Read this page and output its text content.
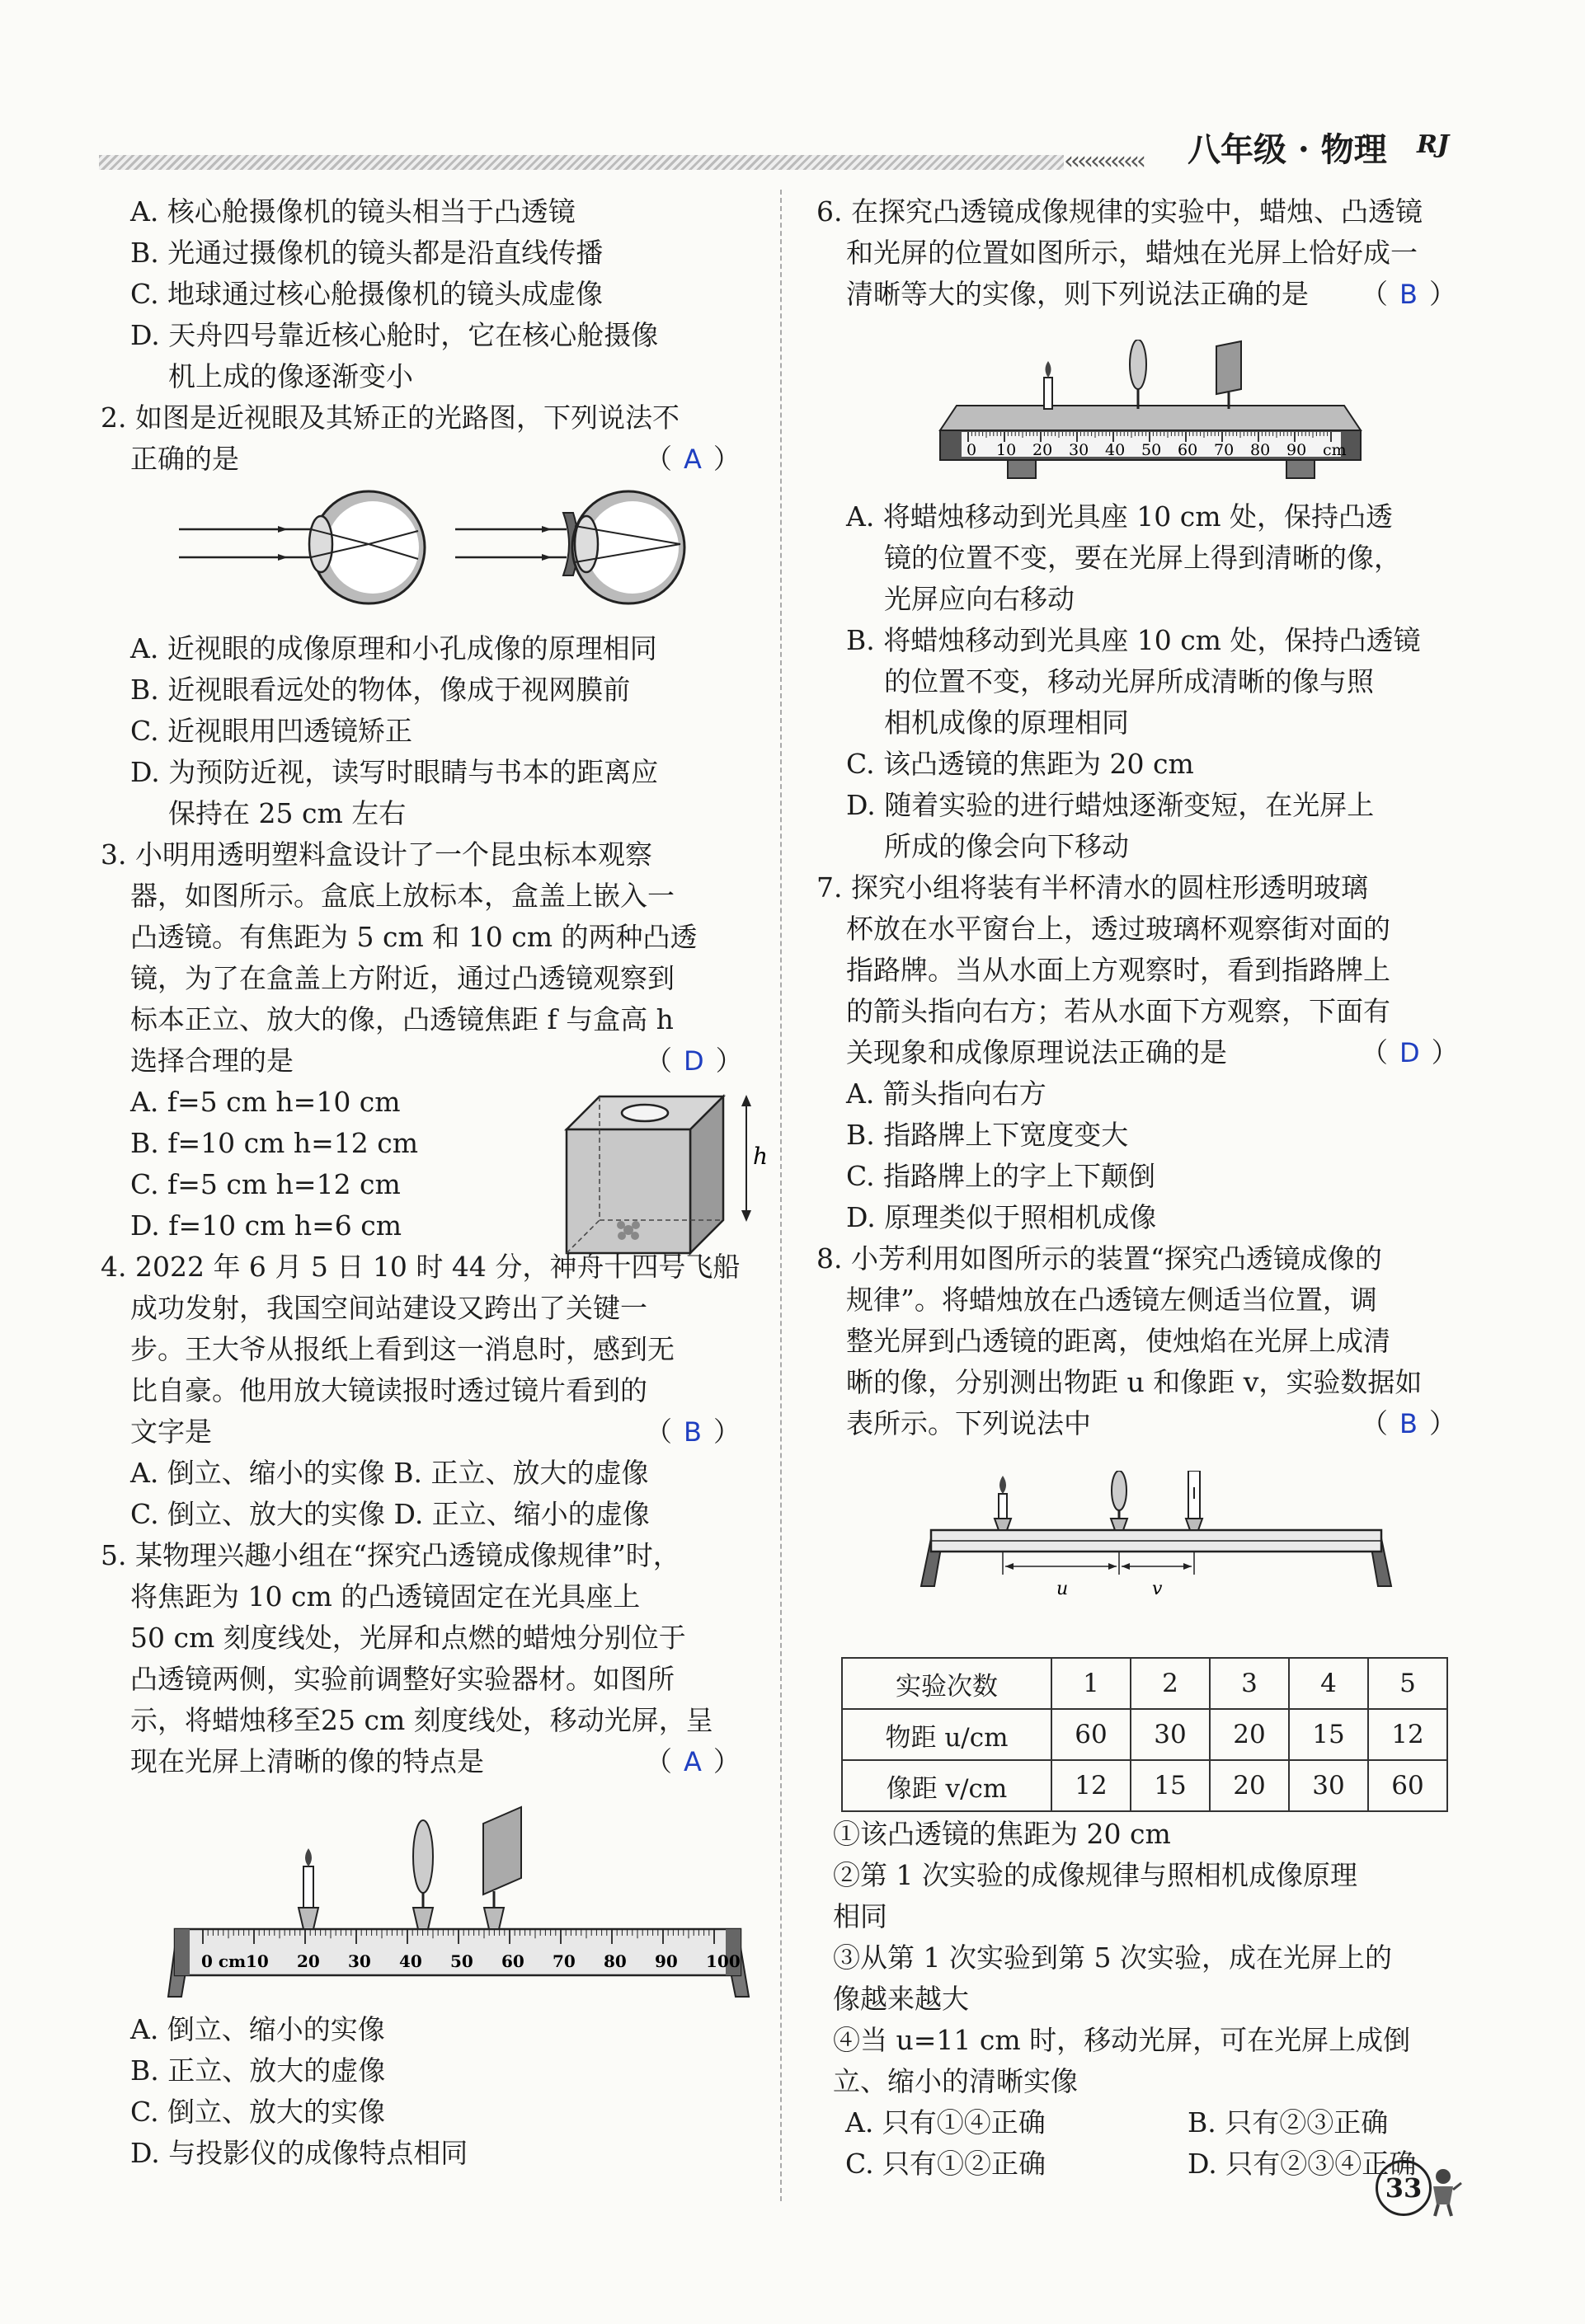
‹‹‹‹‹‹‹‹‹‹‹‹	八年级 · 物理 RJ
A. 核心舱摄像机的镜头相当于凸透镜
B. 光通过摄像机的镜头都是沿直线传播
C. 地球通过核心舱摄像机的镜头成虚像
D. 天舟四号靠近核心舱时，它在核心舱摄像
机上成的像逐渐变小
2. 如图是近视眼及其矫正的光路图，下列说法不
正确的是	（ A ）
A. 近视眼的成像原理和小孔成像的原理相同
B. 近视眼看远处的物体，像成于视网膜前
C. 近视眼用凹透镜矫正
D. 为预防近视，读写时眼睛与书本的距离应
保持在 25 cm 左右
3. 小明用透明塑料盒设计了一个昆虫标本观察
器，如图所示。盒底上放标本，盒盖上嵌入一
凸透镜。有焦距为 5 cm 和 10 cm 的两种凸透
镜，为了在盒盖上方附近，通过凸透镜观察到
标本正立、放大的像，凸透镜焦距 f 与盒高 h
选择合理的是	（ D ）
A. f=5 cm h=10 cm
B. f=10 cm h=12 cm
C. f=5 cm h=12 cm
D. f=10 cm h=6 cm
h
4. 2022 年 6 月 5 日 10 时 44 分，神舟十四号飞船
成功发射，我国空间站建设又跨出了关键一
步。王大爷从报纸上看到这一消息时，感到无
比自豪。他用放大镜读报时透过镜片看到的
文字是	（ B ）
A. 倒立、缩小的实像 B. 正立、放大的虚像
C. 倒立、放大的实像 D. 正立、缩小的虚像
5. 某物理兴趣小组在“探究凸透镜成像规律”时，
将焦距为 10 cm 的凸透镜固定在光具座上
50 cm 刻度线处，光屏和点燃的蜡烛分别位于
凸透镜两侧，实验前调整好实验器材。如图所
示，将蜡烛移至25 cm 刻度线处，移动光屏，呈
现在光屏上清晰的像的特点是	（ A ）
0 cm 10 20 30 40 50 60 70 80 90 100
A. 倒立、缩小的实像
B. 正立、放大的虚像
C. 倒立、放大的实像
D. 与投影仪的成像特点相同
6. 在探究凸透镜成像规律的实验中，蜡烛、凸透镜
和光屏的位置如图所示，蜡烛在光屏上恰好成一
清晰等大的实像，则下列说法正确的是 （ B ）
0 10 20 30 40 50 60 70 80 90 cm
A. 将蜡烛移动到光具座 10 cm 处，保持凸透
镜的位置不变，要在光屏上得到清晰的像，
光屏应向右移动
B. 将蜡烛移动到光具座 10 cm 处，保持凸透镜
的位置不变，移动光屏所成清晰的像与照
相机成像的原理相同
C. 该凸透镜的焦距为 20 cm
D. 随着实验的进行蜡烛逐渐变短，在光屏上
所成的像会向下移动
7. 探究小组将装有半杯清水的圆柱形透明玻璃
杯放在水平窗台上，透过玻璃杯观察街对面的
指路牌。当从水面上方观察时，看到指路牌上
的箭头指向右方；若从水面下方观察，下面有
关现象和成像原理说法正确的是	（ D ）
A. 箭头指向右方
B. 指路牌上下宽度变大
C. 指路牌上的字上下颠倒
D. 原理类似于照相机成像
8. 小芳利用如图所示的装置“探究凸透镜成像的
规律”。将蜡烛放在凸透镜左侧适当位置，调
整光屏到凸透镜的距离，使烛焰在光屏上成清
晰的像，分别测出物距 u 和像距 v，实验数据如
表所示。下列说法中	（ B ）
u	v
实验次数	1	2	3	4	5
物距 u/cm	60	30	20	15	12
像距 v/cm	12	15	20	30	60
①该凸透镜的焦距为 20 cm
②第 1 次实验的成像规律与照相机成像原理
相同
③从第 1 次实验到第 5 次实验，成在光屏上的
像越来越大
④当 u=11 cm 时，移动光屏，可在光屏上成倒
立、缩小的清晰实像
A. 只有①④正确	B. 只有②③正确
C. 只有①②正确	D. 只有②③④正确
33
